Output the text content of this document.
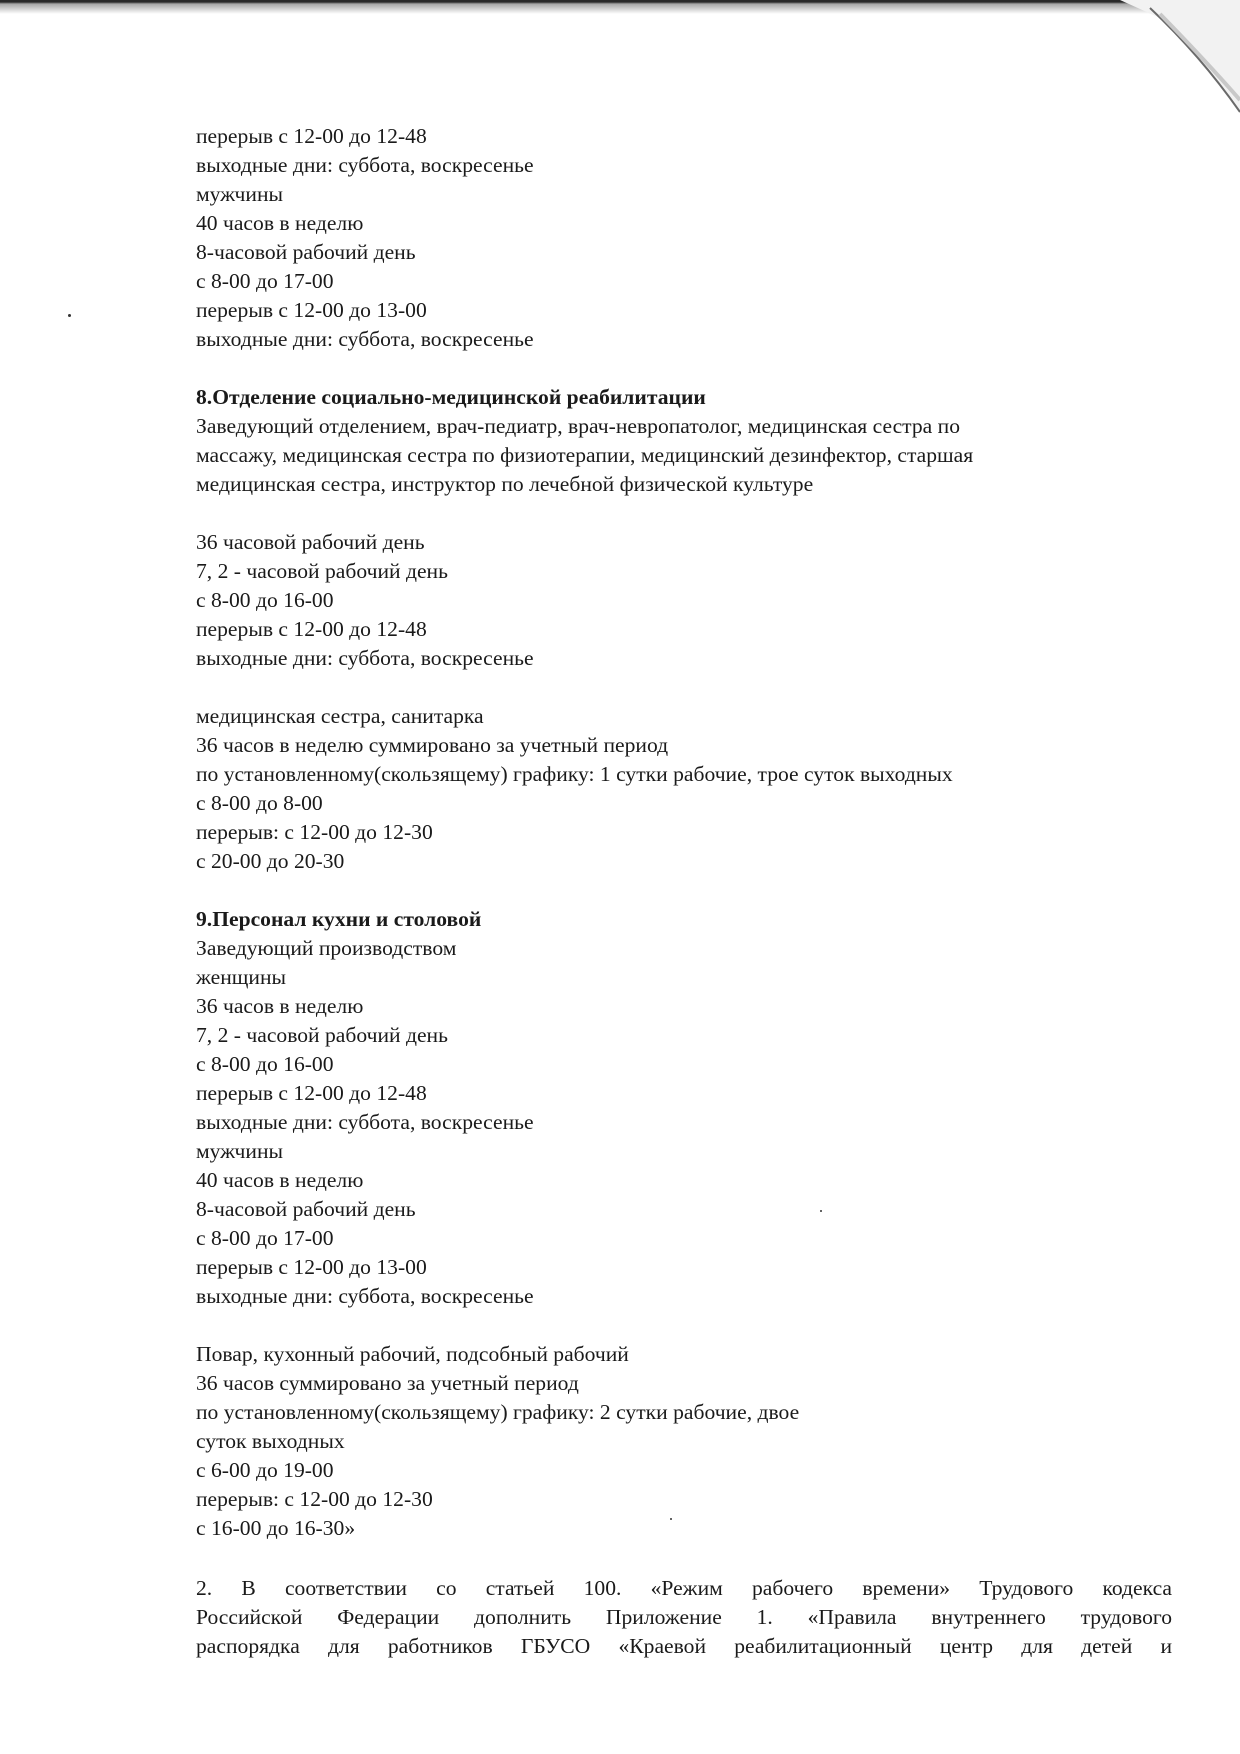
перерыв с 12-00 до 12-48
выходные дни: суббота, воскресенье
мужчины
40 часов в неделю
8-часовой рабочий день
с 8-00 до 17-00
перерыв с 12-00 до 13-00
выходные дни: суббота, воскресенье
8.Отделение социально-медицинской реабилитации
Заведующий отделением, врач-педиатр, врач-невропатолог, медицинская сестра по
массажу, медицинская сестра по физиотерапии, медицинский дезинфектор, старшая
медицинская сестра, инструктор по лечебной физической культуре
36 часовой рабочий день
7, 2 - часовой рабочий день
с 8-00 до 16-00
перерыв с 12-00 до 12-48
выходные дни: суббота, воскресенье
медицинская сестра, санитарка
36 часов в неделю суммировано за учетный период
по установленному(скользящему) графику: 1 сутки рабочие, трое суток выходных
с 8-00 до 8-00
перерыв: с 12-00 до 12-30
с 20-00 до 20-30
9.Персонал кухни и столовой
Заведующий производством
женщины
36 часов в неделю
7, 2 - часовой рабочий день
с 8-00 до 16-00
перерыв с 12-00 до 12-48
выходные дни: суббота, воскресенье
мужчины
40 часов в неделю
8-часовой рабочий день
с 8-00 до 17-00
перерыв с 12-00 до 13-00
выходные дни: суббота, воскресенье
Повар, кухонный рабочий, подсобный рабочий
36 часов суммировано за учетный период
по установленному(скользящему) графику: 2 сутки рабочие, двое
суток выходных
с 6-00 до 19-00
перерыв: с 12-00 до 12-30
с 16-00 до 16-30»
2. В соответствии со статьей 100. «Режим рабочего времени» Трудового кодекса
Российской Федерации дополнить Приложение 1. «Правила внутреннего трудового
распорядка для работников ГБУСО «Краевой реабилитационный центр для детей и
